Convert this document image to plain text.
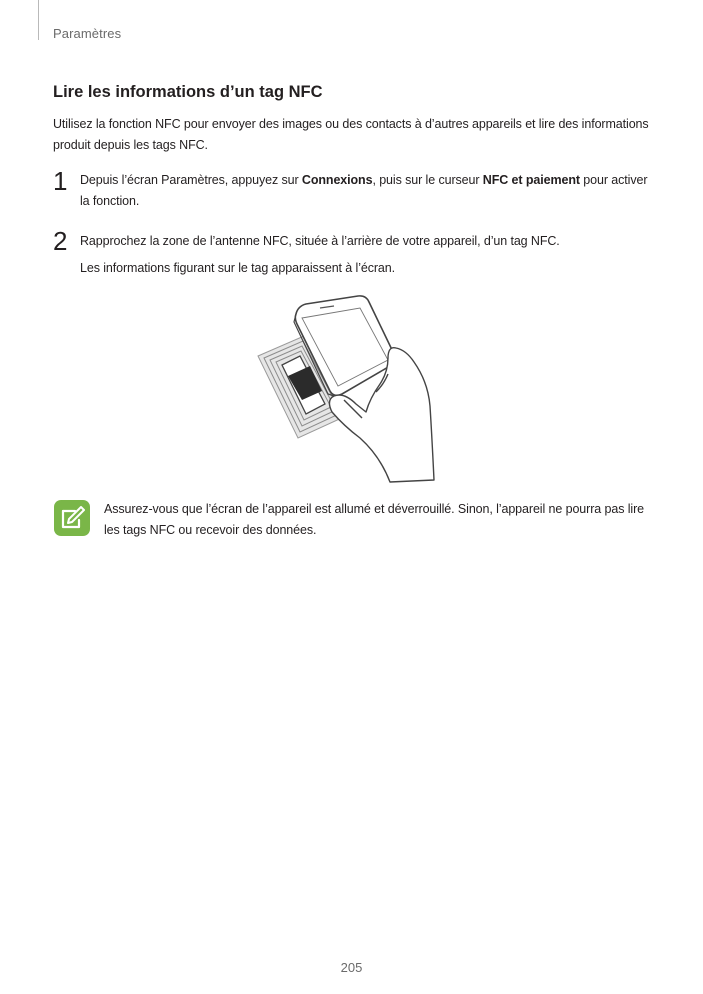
Paramètres
Lire les informations d’un tag NFC

Utilisez la fonction NFC pour envoyer des images ou des contacts à d’autres appareils et lire des informations produit depuis les tags NFC.

1 Depuis l’écran Paramètres, appuyez sur Connexions, puis sur le curseur NFC et paiement pour activer la fonction.
2 Rapprochez la zone de l’antenne NFC, située à l’arrière de votre appareil, d’un tag NFC.
Les informations figurant sur le tag apparaissent à l’écran.
Assurez-vous que l’écran de l’appareil est allumé et déverrouillé. Sinon, l’appareil ne pourra pas lire les tags NFC ou recevoir des données.
205
